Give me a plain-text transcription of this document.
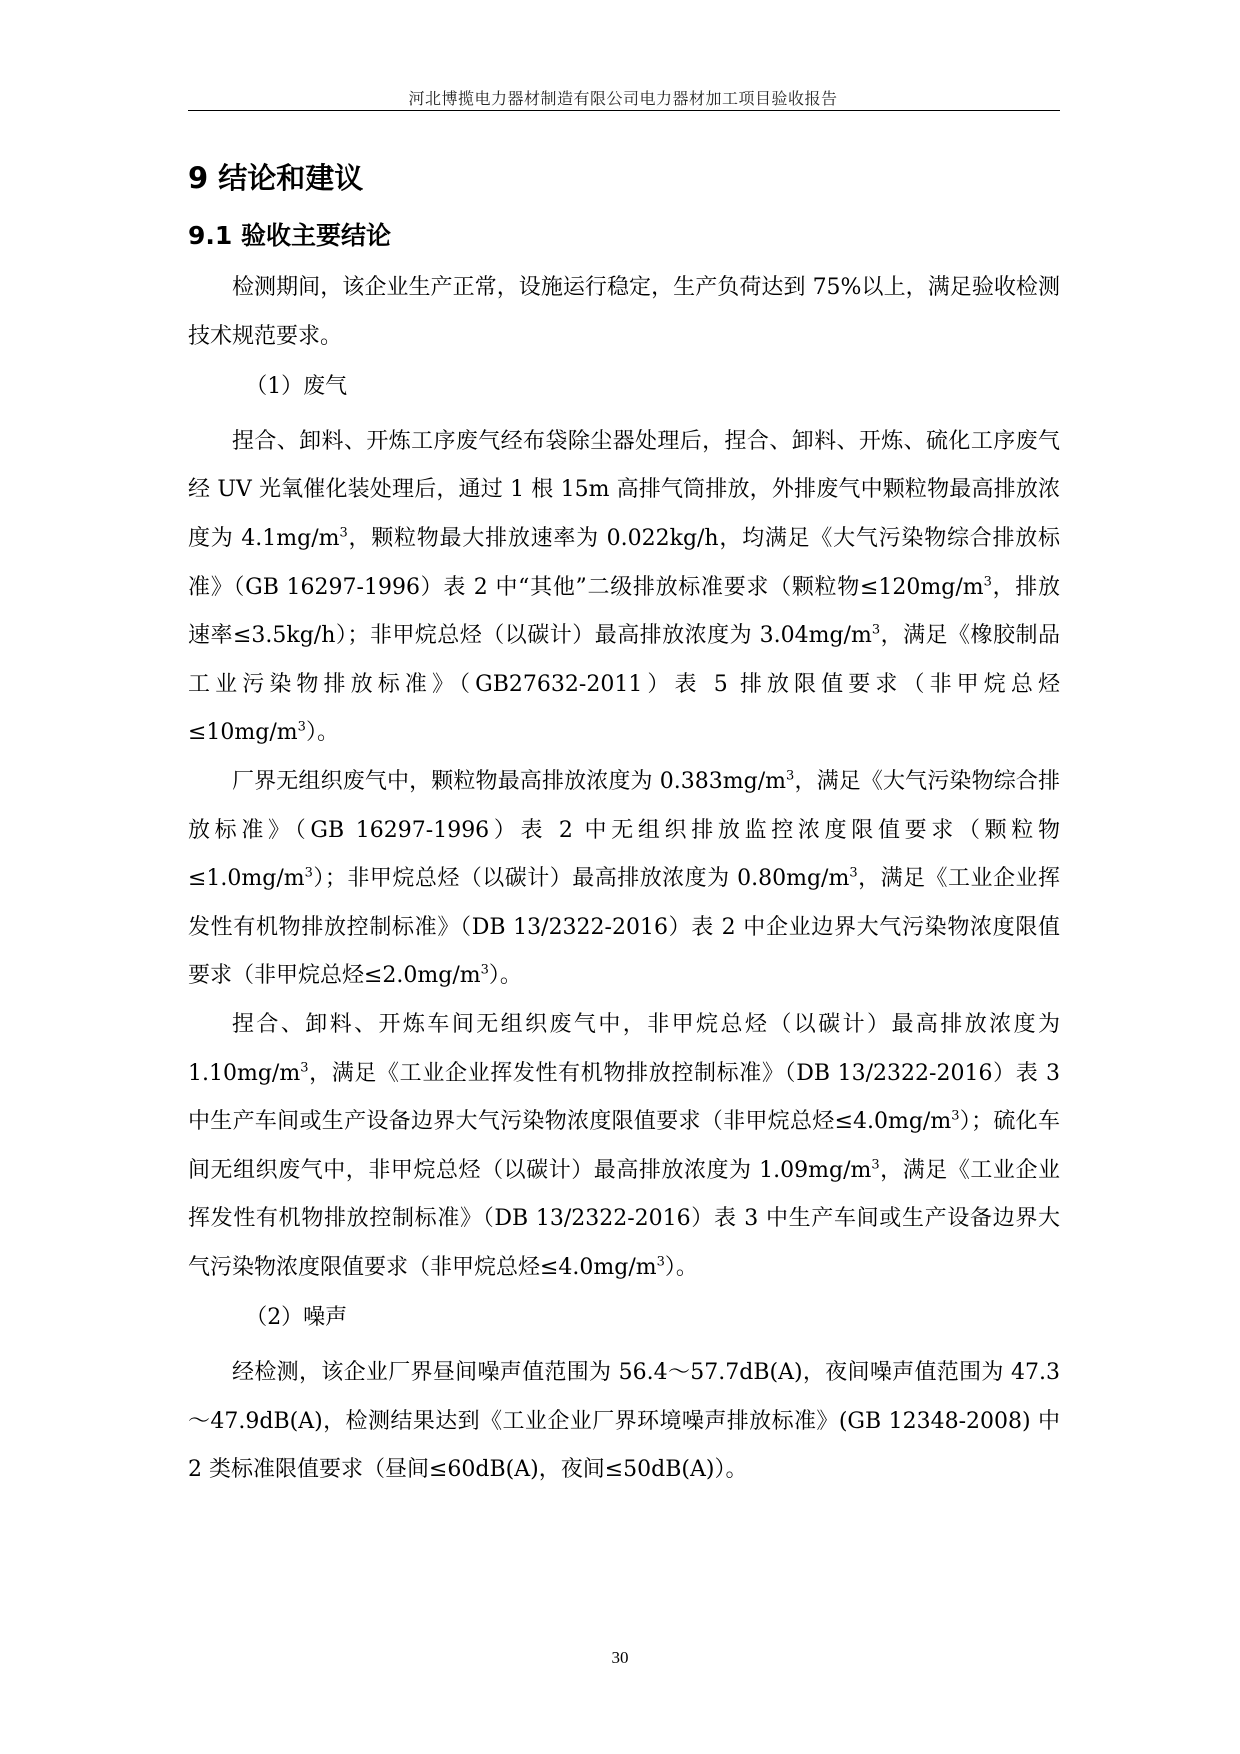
河北博揽电力器材制造有限公司电力器材加工项目验收报告
9 结论和建议
9.1 验收主要结论

检测期间，该企业生产正常，设施运行稳定，生产负荷达到 75%以上，满足验收检测技术规范要求。

（1）废气

捏合、卸料、开炼工序废气经布袋除尘器处理后，捏合、卸料、开炼、硫化工序废气经 UV 光氧催化装处理后，通过 1 根 15m 高排气筒排放，外排废气中颗粒物最高排放浓度为 $4.1mg/m^3$，颗粒物最大排放速率为 0.022kg/h，均满足《大气污染物综合排放标准》（GB 16297-1996）表 2 中“其他”二级排放标准要求（颗粒物$\le 120mg/m^3$，排放速率≤3.5kg/h）；非甲烷总烃（以碳计）最高排放浓度为 $3.04mg/m^3$，满足《橡胶制品工业污染物排放标准》（GB27632-2011）表 5 排放限值要求（非甲烷总烃$\le 10mg/m^3$）。

厂界无组织废气中，颗粒物最高排放浓度为 $0.383mg/m^3$，满足《大气污染物综合排放标准》（GB 16297-1996）表 2 中无组织排放监控浓度限值要求（颗粒物$\le 1.0mg/m^3$）；非甲烷总烃（以碳计）最高排放浓度为 $0.80mg/m^3$，满足《工业企业挥发性有机物排放控制标准》（DB 13/2322-2016）表 2 中企业边界大气污染物浓度限值要求（非甲烷总烃$\le 2.0mg/m^3$）。

捏合、卸料、开炼车间无组织废气中，非甲烷总烃（以碳计）最高排放浓度为 $1.10mg/m^3$，满足《工业企业挥发性有机物排放控制标准》（DB 13/2322-2016）表 3 中生产车间或生产设备边界大气污染物浓度限值要求（非甲烷总烃$\le 4.0mg/m^3$）；硫化车间无组织废气中，非甲烷总烃（以碳计）最高排放浓度为 $1.09mg/m^3$，满足《工业企业挥发性有机物排放控制标准》（DB 13/2322-2016）表 3 中生产车间或生产设备边界大气污染物浓度限值要求（非甲烷总烃$\le 4.0mg/m^3$）。

（2）噪声

经检测，该企业厂界昼间噪声值范围为 56.4～57.7dB(A)，夜间噪声值范围为 47.3～47.9dB(A)，检测结果达到《工业企业厂界环境噪声排放标准》(GB 12348-2008) 中 2 类标准限值要求（昼间≤60dB(A)，夜间≤50dB(A)）。

30
